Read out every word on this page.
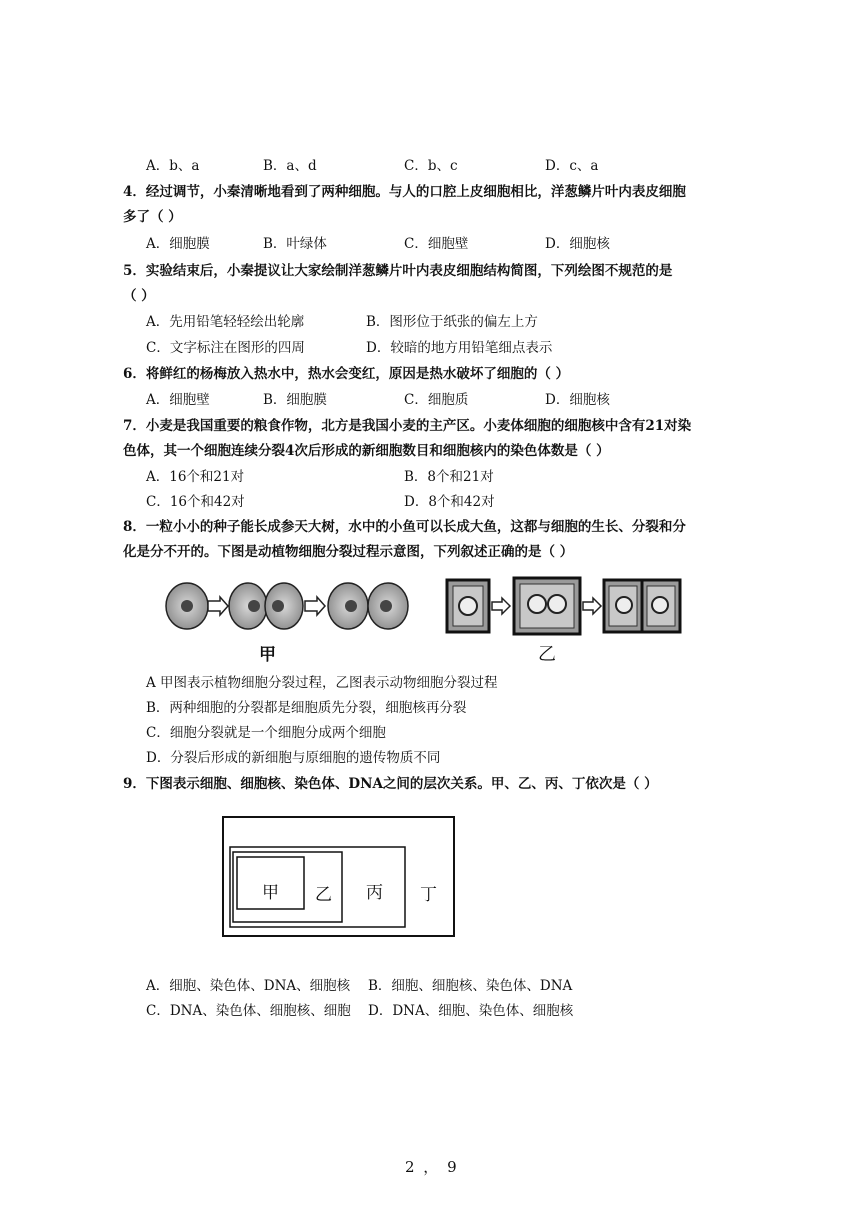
A．b、a	B．a、d	C．b、c	D．c、a
4．经过调节，小秦清晰地看到了两种细胞。与人的口腔上皮细胞相比，洋葱鳞片叶内表皮细胞
多了（ ）
A．细胞膜	B．叶绿体	C．细胞壁	D．细胞核
5．实验结束后，小秦提议让大家绘制洋葱鳞片叶内表皮细胞结构简图，下列绘图不规范的是
（ ）
A．先用铅笔轻轻绘出轮廓	B．图形位于纸张的偏左上方
C．文字标注在图形的四周	D．较暗的地方用铅笔细点表示
6．将鲜红的杨梅放入热水中，热水会变红，原因是热水破坏了细胞的（ ）
A．细胞壁	B．细胞膜	C．细胞质	D．细胞核
7．小麦是我国重要的粮食作物，北方是我国小麦的主产区。小麦体细胞的细胞核中含有21对染
色体，其一个细胞连续分裂4次后形成的新细胞数目和细胞核内的染色体数是（ ）
A．16个和21对	B．8个和21对
C．16个和42对	D．8个和42对
8．一粒小小的种子能长成参天大树，水中的小鱼可以长成大鱼，这都与细胞的生长、分裂和分
化是分不开的。下图是动植物细胞分裂过程示意图，下列叙述正确的是（ ）
甲	乙
A 甲图表示植物细胞分裂过程，乙图表示动物细胞分裂过程
B．两种细胞的分裂都是细胞质先分裂，细胞核再分裂
C．细胞分裂就是一个细胞分成两个细胞
D．分裂后形成的新细胞与原细胞的遗传物质不同
9．下图表示细胞、细胞核、染色体、DNA之间的层次关系。甲、乙、丙、丁依次是（ ）
甲 乙 丙 丁
A．细胞、染色体、DNA、细胞核 B．细胞、细胞核、染色体、DNA
C．DNA、染色体、细胞核、细胞 D．DNA、细胞、染色体、细胞核
2 ， 9
